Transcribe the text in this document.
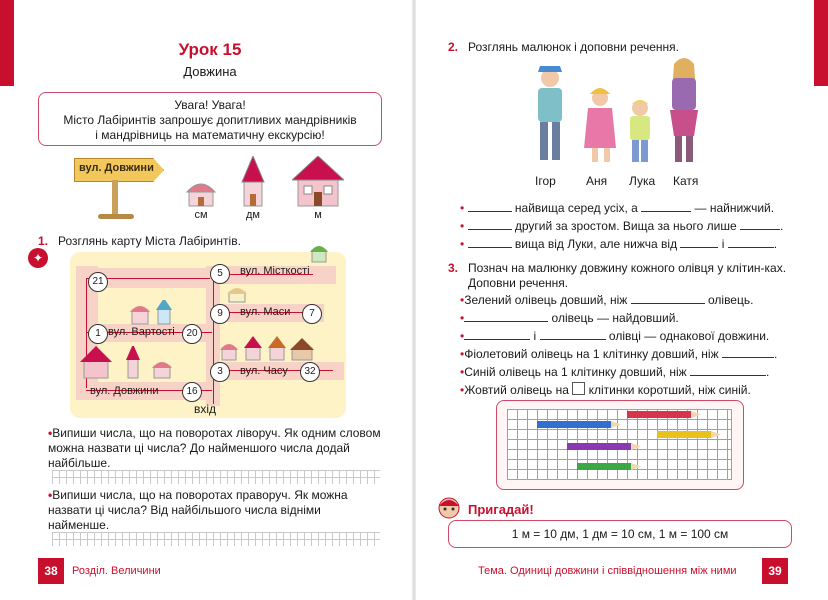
Урок 15
Довжина
Увага! Увага!
Місто Лабіринтів запрошує допитливих мандрівників
і мандрівниць на математичну екскурсію!
вул. Довжини
см	дм	м
1. Розглянь карту Міста Лабіринтів.
✦
21
5
9	7
1	20
3	32
16
вул. Місткості
вул. Маси
вул. Вартості
вул. Часу
вул. Довжини
вхід
•Випиши числа, що на поворотах ліворуч. Як одним словом можна назвати ці числа? До найменшого числа додай найбільше.
•Випиши числа, що на поворотах праворуч. Як можна назвати ці числа? Від найбільшого числа відніми найменше.
38	Розділ. Величини
2. Розглянь малюнок і доповни речення.
Ігор	Аня Лука Катя
•	найвища серед усіх, а	— найнижчий.
•	другий за зростом. Вища за нього лише	.
•	вища від Луки, але нижча від	і	.
3. Познач на малюнку довжину кожного олівця у клітин-ках. Доповни речення.
•Зелений олівець довший, ніж	олівець.
•	олівець — найдовший.
•	і	олівці — однакової довжини.
•Фіолетовий олівець на 1 клітинку довший, ніж	.
•Синій олівець на 1 клітинку довший, ніж	.
•Жовтий олівець на клітинки коротший, ніж синій.
Пригадай!
1 м = 10 дм, 1 дм = 10 см, 1 м = 100 см
Тема. Одиниці довжини і співвідношення між ними	39
